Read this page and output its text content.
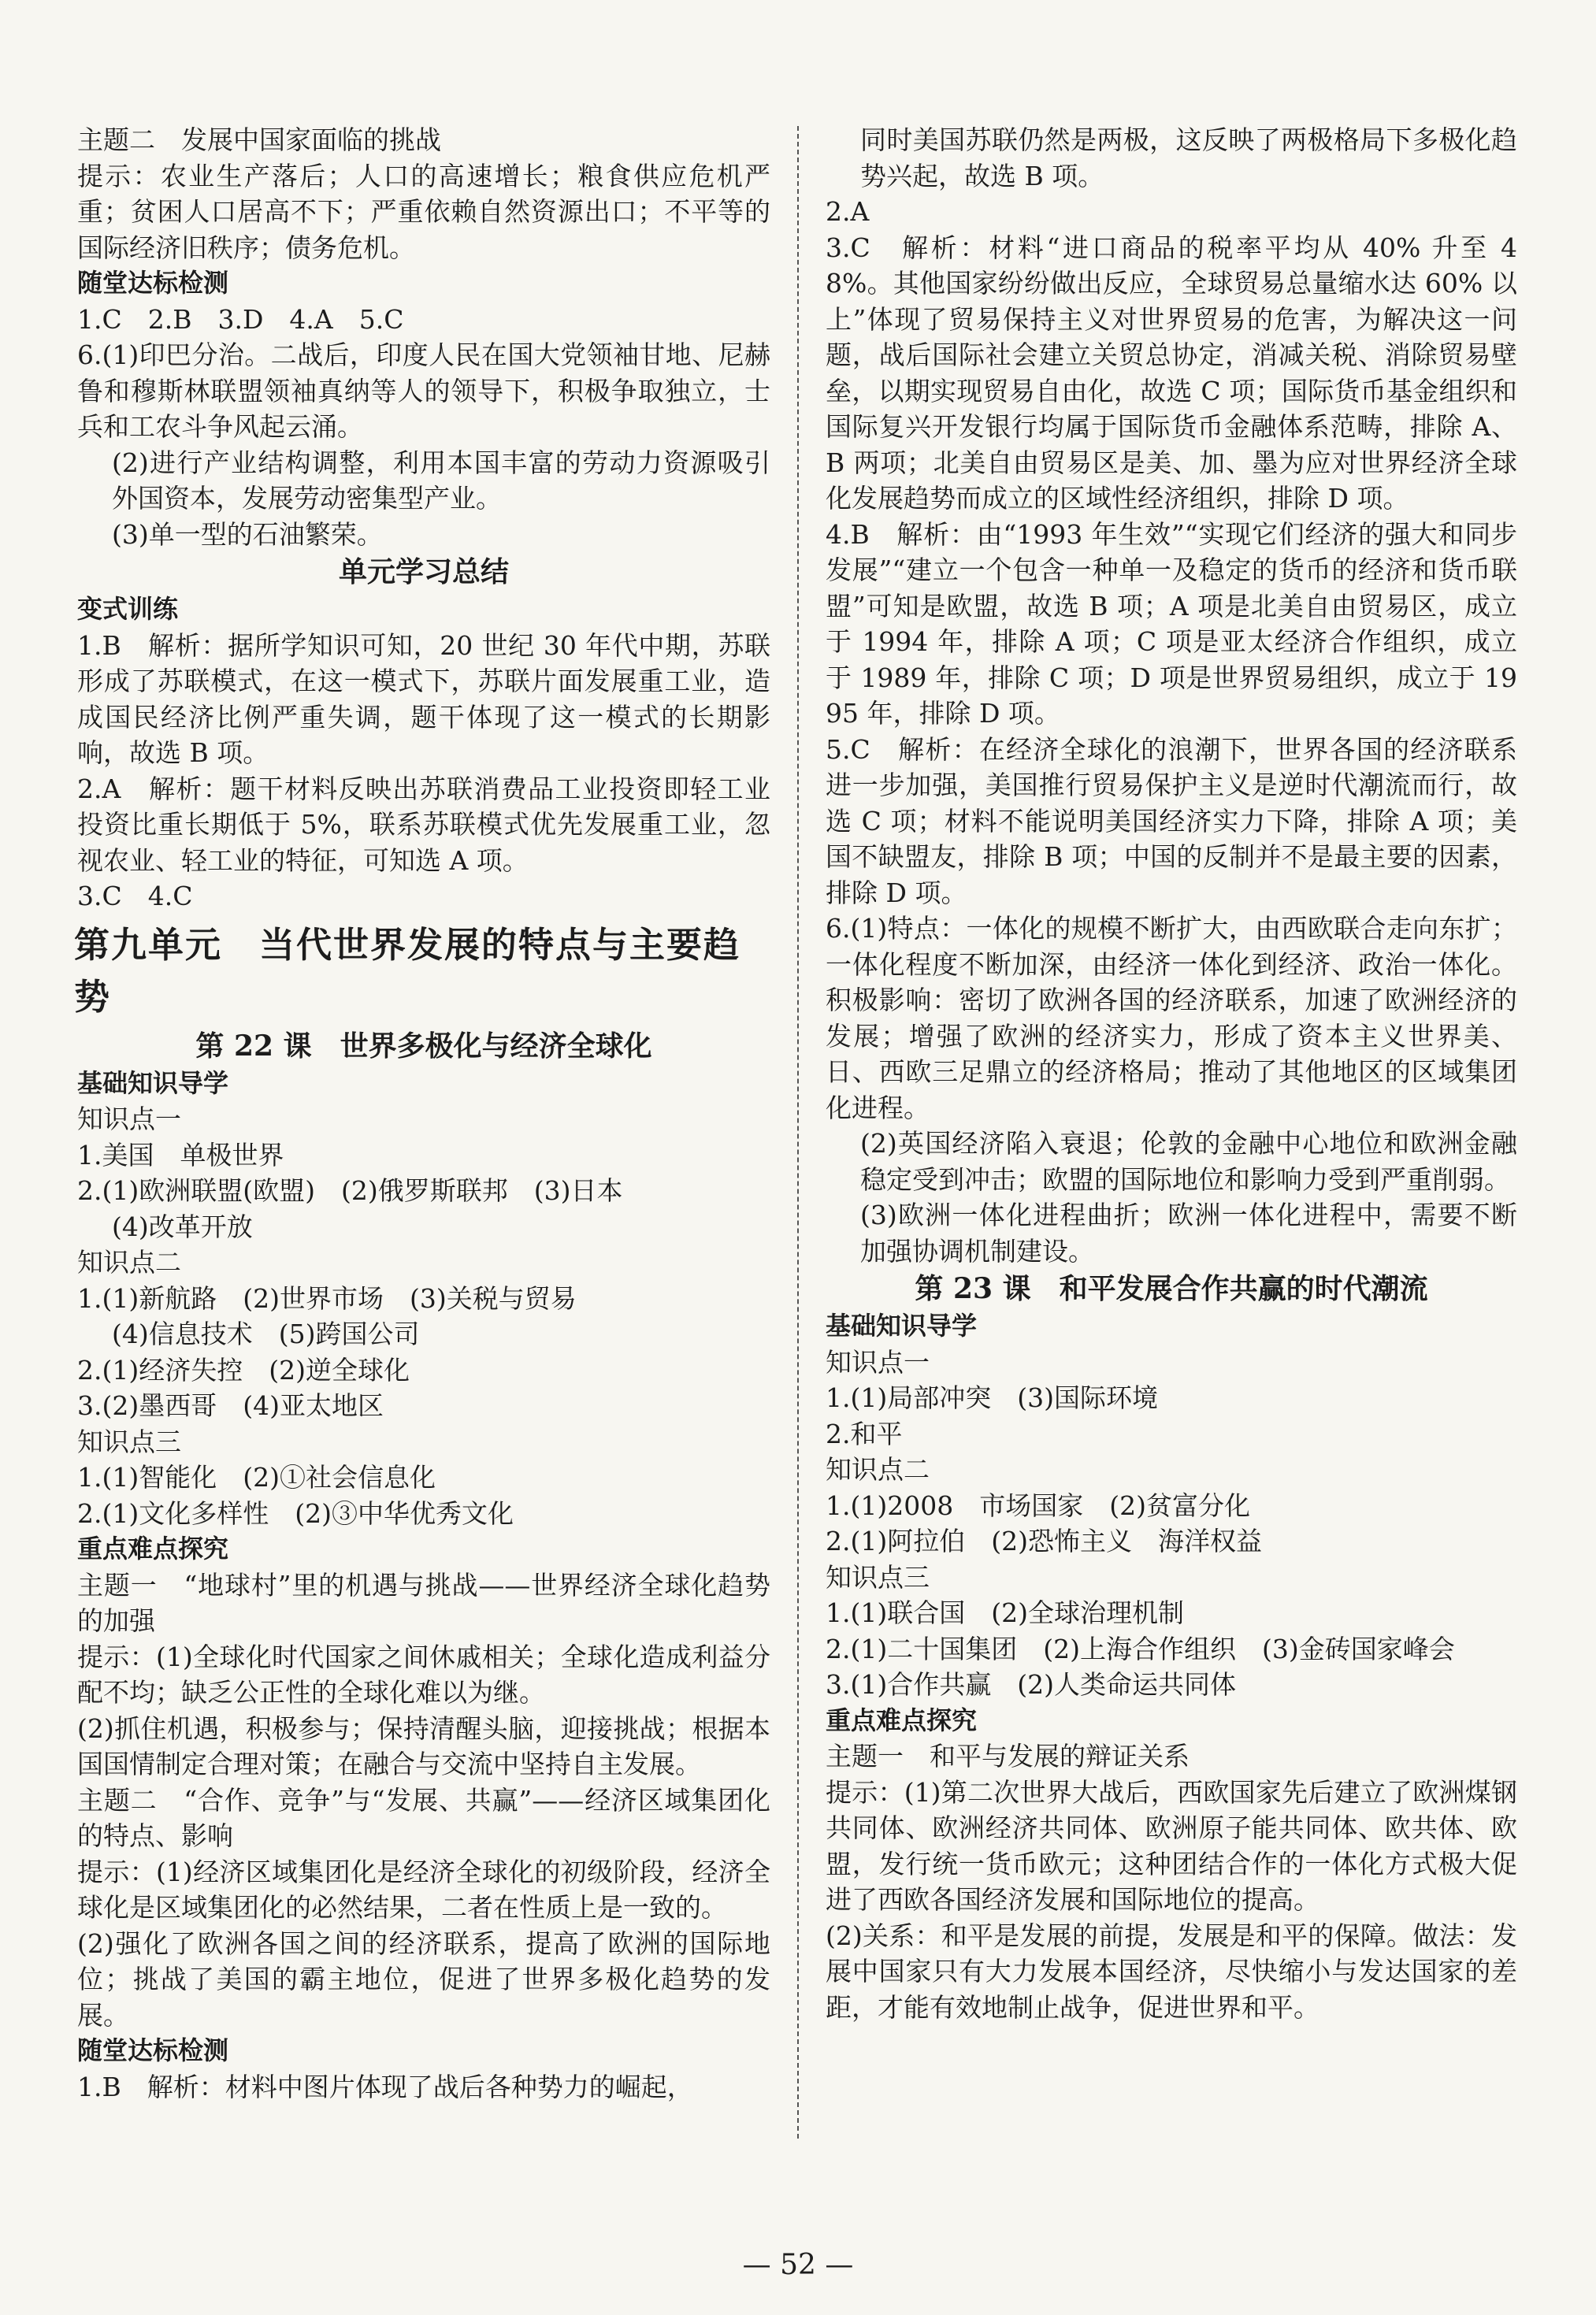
主题二　发展中国家面临的挑战
提示：农业生产落后；人口的高速增长；粮食供应危机严重；贫困人口居高不下；严重依赖自然资源出口；不平等的国际经济旧秩序；债务危机。
随堂达标检测
1.C　2.B　3.D　4.A　5.C
6.(1)印巴分治。二战后，印度人民在国大党领袖甘地、尼赫鲁和穆斯林联盟领袖真纳等人的领导下，积极争取独立，士兵和工农斗争风起云涌。
(2)进行产业结构调整，利用本国丰富的劳动力资源吸引外国资本，发展劳动密集型产业。
(3)单一型的石油繁荣。
单元学习总结
变式训练
1.B　解析：据所学知识可知，20 世纪 30 年代中期，苏联形成了苏联模式，在这一模式下，苏联片面发展重工业，造成国民经济比例严重失调，题干体现了这一模式的长期影响，故选 B 项。
2.A　解析：题干材料反映出苏联消费品工业投资即轻工业投资比重长期低于 5%，联系苏联模式优先发展重工业，忽视农业、轻工业的特征，可知选 A 项。
3.C　4.C
第九单元　当代世界发展的特点与主要趋势
第 22 课　世界多极化与经济全球化
基础知识导学
知识点一
1.美国　单极世界
2.(1)欧洲联盟(欧盟)　(2)俄罗斯联邦　(3)日本
(4)改革开放
知识点二
1.(1)新航路　(2)世界市场　(3)关税与贸易
(4)信息技术　(5)跨国公司
2.(1)经济失控　(2)逆全球化
3.(2)墨西哥　(4)亚太地区
知识点三
1.(1)智能化　(2)①社会信息化
2.(1)文化多样性　(2)③中华优秀文化
重点难点探究
主题一　“地球村”里的机遇与挑战——世界经济全球化趋势的加强
提示：(1)全球化时代国家之间休戚相关；全球化造成利益分配不均；缺乏公正性的全球化难以为继。
(2)抓住机遇，积极参与；保持清醒头脑，迎接挑战；根据本国国情制定合理对策；在融合与交流中坚持自主发展。
主题二　“合作、竞争”与“发展、共赢”——经济区域集团化的特点、影响
提示：(1)经济区域集团化是经济全球化的初级阶段，经济全球化是区域集团化的必然结果，二者在性质上是一致的。
(2)强化了欧洲各国之间的经济联系，提高了欧洲的国际地位；挑战了美国的霸主地位，促进了世界多极化趋势的发展。
随堂达标检测
1.B　解析：材料中图片体现了战后各种势力的崛起，
同时美国苏联仍然是两极，这反映了两极格局下多极化趋势兴起，故选 B 项。
2.A
3.C　解析：材料“进口商品的税率平均从 40% 升至 48%。其他国家纷纷做出反应，全球贸易总量缩水达 60% 以上”体现了贸易保持主义对世界贸易的危害，为解决这一问题，战后国际社会建立关贸总协定，消减关税、消除贸易壁垒，以期实现贸易自由化，故选 C 项；国际货币基金组织和国际复兴开发银行均属于国际货币金融体系范畴，排除 A、B 两项；北美自由贸易区是美、加、墨为应对世界经济全球化发展趋势而成立的区域性经济组织，排除 D 项。
4.B　解析：由“1993 年生效”“实现它们经济的强大和同步发展”“建立一个包含一种单一及稳定的货币的经济和货币联盟”可知是欧盟，故选 B 项；A 项是北美自由贸易区，成立于 1994 年，排除 A 项；C 项是亚太经济合作组织，成立于 1989 年，排除 C 项；D 项是世界贸易组织，成立于 1995 年，排除 D 项。
5.C　解析：在经济全球化的浪潮下，世界各国的经济联系进一步加强，美国推行贸易保护主义是逆时代潮流而行，故选 C 项；材料不能说明美国经济实力下降，排除 A 项；美国不缺盟友，排除 B 项；中国的反制并不是最主要的因素，排除 D 项。
6.(1)特点：一体化的规模不断扩大，由西欧联合走向东扩；一体化程度不断加深，由经济一体化到经济、政治一体化。积极影响：密切了欧洲各国的经济联系，加速了欧洲经济的发展；增强了欧洲的经济实力，形成了资本主义世界美、日、西欧三足鼎立的经济格局；推动了其他地区的区域集团化进程。
(2)英国经济陷入衰退；伦敦的金融中心地位和欧洲金融稳定受到冲击；欧盟的国际地位和影响力受到严重削弱。
(3)欧洲一体化进程曲折；欧洲一体化进程中，需要不断加强协调机制建设。
第 23 课　和平发展合作共赢的时代潮流
基础知识导学
知识点一
1.(1)局部冲突　(3)国际环境
2.和平
知识点二
1.(1)2008　市场国家　(2)贫富分化
2.(1)阿拉伯　(2)恐怖主义　海洋权益
知识点三
1.(1)联合国　(2)全球治理机制
2.(1)二十国集团　(2)上海合作组织　(3)金砖国家峰会
3.(1)合作共赢　(2)人类命运共同体
重点难点探究
主题一　和平与发展的辩证关系
提示：(1)第二次世界大战后，西欧国家先后建立了欧洲煤钢共同体、欧洲经济共同体、欧洲原子能共同体、欧共体、欧盟，发行统一货币欧元；这种团结合作的一体化方式极大促进了西欧各国经济发展和国际地位的提高。
(2)关系：和平是发展的前提，发展是和平的保障。做法：发展中国家只有大力发展本国经济，尽快缩小与发达国家的差距，才能有效地制止战争，促进世界和平。
— 52 —
